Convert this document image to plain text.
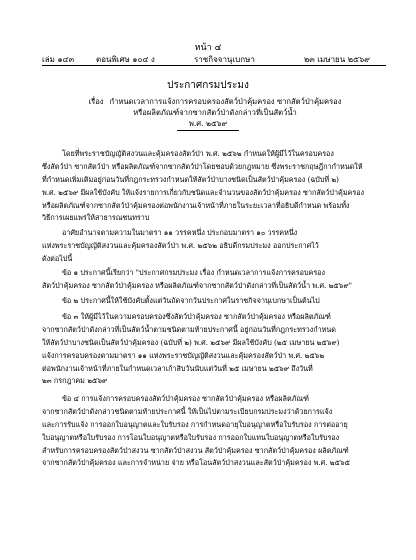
หน้า ๔
เล่ม ๑๔๓	ตอนพิเศษ ๑๐๔ ง	ราชกิจจานุเบกษา	๒๓ เมษายน ๒๕๖๙
ประกาศกรมประมง
เรื่อง กำหนดเวลาการแจ้งการครอบครองสัตว์ป่าคุ้มครอง ซากสัตว์ป่าคุ้มครอง
หรือผลิตภัณฑ์จากซากสัตว์ป่าดังกล่าวที่เป็นสัตว์น้ำ
พ.ศ. ๒๕๖๙
โดยที่พระราชบัญญัติสงวนและคุ้มครองสัตว์ป่า พ.ศ. ๒๕๖๒ กำหนดให้ผู้มีไว้ในครอบครอง
ซึ่งสัตว์ป่า ซากสัตว์ป่า หรือผลิตภัณฑ์จากซากสัตว์ป่าโดยชอบด้วยกฎหมาย ซึ่งพระราชกฤษฎีกากำหนดให้
ที่กำหนดเพิ่มเติมอยู่ก่อนวันที่กฎกระทรวงกำหนดให้สัตว์ป่าบางชนิดเป็นสัตว์ป่าคุ้มครอง (ฉบับที่ ๒)
พ.ศ. ๒๕๖๙ มีผลใช้บังคับ ให้แจ้งรายการเกี่ยวกับชนิดและจำนวนของสัตว์ป่าคุ้มครอง ซากสัตว์ป่าคุ้มครอง
หรือผลิตภัณฑ์จากซากสัตว์ป่าคุ้มครองต่อพนักงานเจ้าหน้าที่ภายในระยะเวลาที่อธิบดีกำหนด พร้อมทั้ง
วิธีการเผยแพร่ให้สาธารณชนทราบ
อาศัยอำนาจตามความในมาตรา ๑๑ วรรคหนึ่ง ประกอบมาตรา ๑๐ วรรคหนึ่ง
แห่งพระราชบัญญัติสงวนและคุ้มครองสัตว์ป่า พ.ศ. ๒๕๖๒ อธิบดีกรมประมง ออกประกาศไว้
ดังต่อไปนี้
ข้อ ๑ ประกาศนี้เรียกว่า "ประกาศกรมประมง เรื่อง กำหนดเวลาการแจ้งการครอบครอง
สัตว์ป่าคุ้มครอง ซากสัตว์ป่าคุ้มครอง หรือผลิตภัณฑ์จากซากสัตว์ป่าดังกล่าวที่เป็นสัตว์น้ำ พ.ศ. ๒๕๖๙"
ข้อ ๒ ประกาศนี้ให้ใช้บังคับตั้งแต่วันถัดจากวันประกาศในราชกิจจานุเบกษาเป็นต้นไป
ข้อ ๓ ให้ผู้มีไว้ในความครอบครองซึ่งสัตว์ป่าคุ้มครอง ซากสัตว์ป่าคุ้มครอง หรือผลิตภัณฑ์
จากซากสัตว์ป่าดังกล่าวที่เป็นสัตว์น้ำตามชนิดตามท้ายประกาศนี้ อยู่ก่อนวันที่กฎกระทรวงกำหนด
ให้สัตว์ป่าบางชนิดเป็นสัตว์ป่าคุ้มครอง (ฉบับที่ ๒) พ.ศ. ๒๕๖๙ มีผลใช้บังคับ (๒๕ เมษายน ๒๕๖๙)
แจ้งการครอบครองตามมาตรา ๑๑ แห่งพระราชบัญญัติสงวนและคุ้มครองสัตว์ป่า พ.ศ. ๒๕๖๒
ต่อพนักงานเจ้าหน้าที่ภายในกำหนดเวลาเก้าสิบวันนับแต่วันที่ ๒๕ เมษายน ๒๕๖๙ ถึงวันที่
๒๓ กรกฎาคม ๒๕๖๙
ข้อ ๔ การแจ้งการครอบครองสัตว์ป่าคุ้มครอง ซากสัตว์ป่าคุ้มครอง หรือผลิตภัณฑ์
จากซากสัตว์ป่าดังกล่าวชนิดตามท้ายประกาศนี้ ให้เป็นไปตามระเบียบกรมประมงว่าด้วยการแจ้ง
และการรับแจ้ง การออกใบอนุญาตและใบรับรอง การกำหนดอายุใบอนุญาตหรือใบรับรอง การต่ออายุ
ใบอนุญาตหรือใบรับรอง การโอนใบอนุญาตหรือใบรับรอง การออกใบแทนใบอนุญาตหรือใบรับรอง
สำหรับการครอบครองสัตว์ป่าสงวน ซากสัตว์ป่าสงวน สัตว์ป่าคุ้มครอง ซากสัตว์ป่าคุ้มครอง ผลิตภัณฑ์
จากซากสัตว์ป่าคุ้มครอง และการจำหน่าย จ่าย หรือโอนสัตว์ป่าสงวนและสัตว์ป่าคุ้มครอง พ.ศ. ๒๕๖๕
